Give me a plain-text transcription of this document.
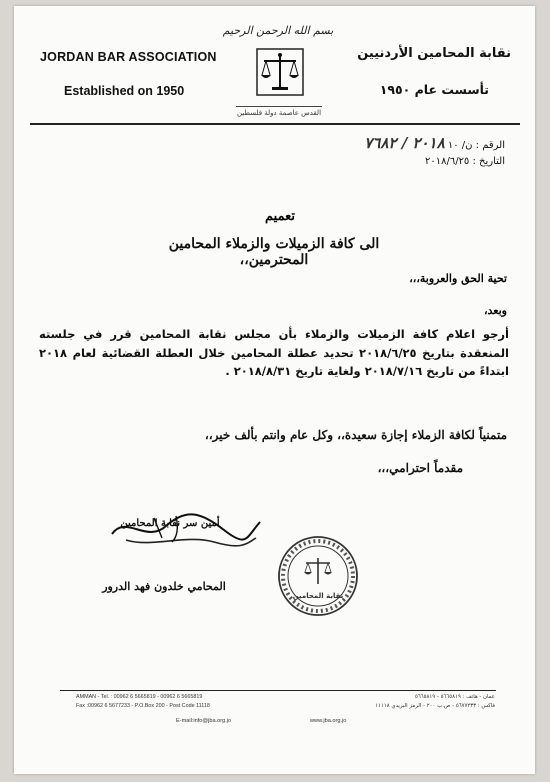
بسم الله الرحمن الرحيم
JORDAN BAR ASSOCIATION
Established on 1950
نقابة المحامين الأردنيين
تأسست عام ١٩٥٠
القدس عاصمة دولة فلسطين
الرقم : ن/ ١٠ ٢٠١٨ / ٧٦٨٢
التاريخ : ٢٠١٨/٦/٢٥
تعميم
الى كافة الزميلات والزملاء المحامين المحترمين،،
تحية الحق والعروبة،،،
وبعد،
أرجو اعلام كافة الزميلات والزملاء بأن مجلس نقابة المحامين قرر في جلسته المنعقدة بتاريخ ٢٠١٨/٦/٢٥ تحديد عطلة المحامين خلال العطلة القضائية لعام ٢٠١٨ ابتداءً من تاريخ ٢٠١٨/٧/١٦ ولغاية تاريخ ٢٠١٨/٨/٣١ .
متمنياً لكافة الزملاء إجازة سعيدة،، وكل عام وانتم بألف خير،،
مقدماً احترامي،،،
أمين سر نقابة المحامين
المحامي خلدون فهد الدرور
نقابة المحامين
AMMAN - Tel. : 00962 6 5665819 - 00962 6 5665819
Fax :00962 6 5677233 - P.O.Box 200 - Post Code 11118
عمان - هاتف : ٥٦٦٥٨١٩ - ٥٦٦٥٨١٩
فاكس : ٥٦٧٧٢٣٣ - ص.ب ٢٠٠ - الرمز البريدي ١١١١٨
E-mail:info@jba.org.jo	www.jba.org.jo
